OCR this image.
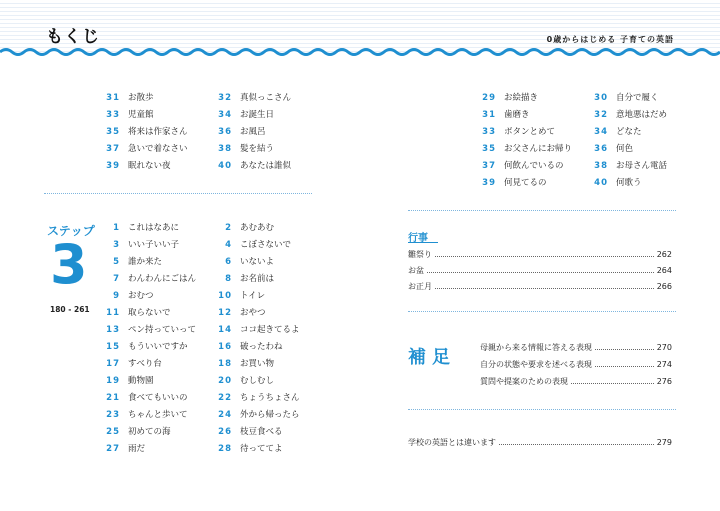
もくじ	0歳からはじめる 子育ての英語
31 お散歩	32 真似っこさん
33 児童館	34 お誕生日
35 将来は作家さん	36 お風呂
37 急いで着なさい	38 髪を結う
39 眠れない夜	40 あなたは誰似
ステップ
3
180 - 261
1 これはなあに	2 あむあむ
3 いい子いい子	4 こぼさないで
5 誰か来た	6 いないよ
7 わんわんにごはん	8 お名前は
9 おむつ	10 トイレ
11 取らないで	12 おやつ
13 ペン持っていって	14 ココ起きてるよ
15 もういいですか	16 破ったわね
17 すべり台	18 お買い物
19 動物園	20 むしむし
21 食べてもいいの	22 ちょうちょさん
23 ちゃんと歩いて	24 外から帰ったら
25 初めての海	26 枝豆食べる
27 雨だ	28 待っててよ
29 お絵描き	30 自分で履く
31 歯磨き	32 意地悪はだめ
33 ボタンとめて	34 どなた
35 お父さんにお帰り	36 何色
37 何飲んでいるの	38 お母さん電話
39 何見てるの	40 何歌う
行事
雛祭り	262
お盆	264
お正月	266
補足	母親から来る情報に答える表現	270
自分の状態や要求を述べる表現	274
質問や提案のための表現	276
学校の英語とは違います	279
